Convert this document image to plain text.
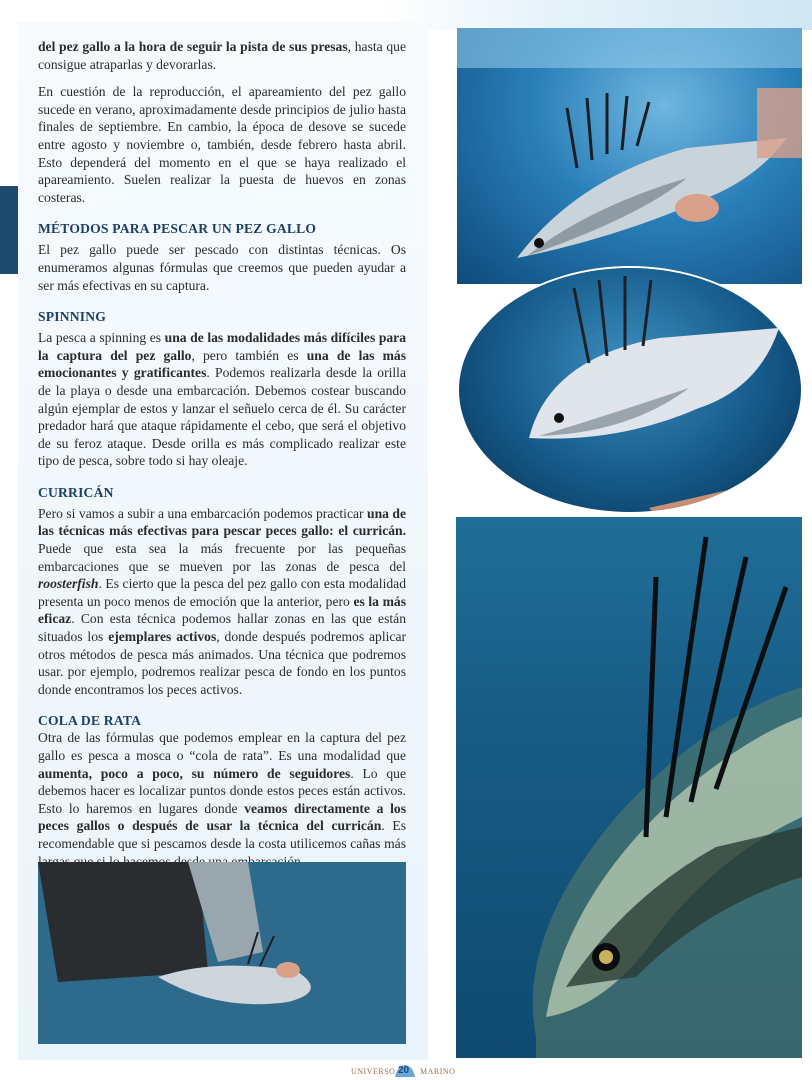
del pez gallo a la hora de seguir la pista de sus presas, hasta que consigue atraparlas y devorarlas.

En cuestión de la reproducción, el apareamiento del pez gallo sucede en verano, aproximadamente desde principios de julio hasta finales de septiembre. En cambio, la época de desove se sucede entre agosto y noviembre o, también, desde febrero hasta abril. Esto dependerá del momento en el que se haya realizado el apareamiento. Suelen realizar la puesta de huevos en zonas costeras.

MÉTODOS PARA PESCAR UN PEZ GALLO

El pez gallo puede ser pescado con distintas técnicas. Os enumeramos algunas fórmulas que creemos que pueden ayudar a ser más efectivas en su captura.

SPINNING

La pesca a spinning es una de las modalidades más difíciles para la captura del pez gallo, pero también es una de las más emocionantes y gratificantes. Podemos realizarla desde la orilla de la playa o desde una embarcación. Debemos costear buscando algún ejemplar de estos y lanzar el señuelo cerca de él. Su carácter predador hará que ataque rápidamente el cebo, que será el objetivo de su feroz ataque. Desde orilla es más complicado realizar este tipo de pesca, sobre todo si hay oleaje.

CURRICÁN

Pero si vamos a subir a una embarcación podemos practicar una de las técnicas más efectivas para pescar peces gallo: el curricán. Puede que esta sea la más frecuente por las pequeñas embarcaciones que se mueven por las zonas de pesca del roosterfish. Es cierto que la pesca del pez gallo con esta modalidad presenta un poco menos de emoción que la anterior, pero es la más eficaz. Con esta técnica podemos hallar zonas en las que están situados los ejemplares activos, donde después podremos aplicar otros métodos de pesca más animados. Una técnica que podremos usar. por ejemplo, podremos realizar pesca de fondo en los puntos donde encontramos los peces activos.

COLA DE RATA

Otra de las fórmulas que podemos emplear en la captura del pez gallo es pesca a mosca o “cola de rata”. Es una modalidad que aumenta, poco a poco, su número de seguidores. Lo que debemos hacer es localizar puntos donde estos peces están activos. Esto lo haremos en lugares donde veamos directamente a los peces gallos o después de usar la técnica del curricán. Es recomendable que si pescamos desde la costa utilicemos cañas más

UNIVERSO 20 MARINO
